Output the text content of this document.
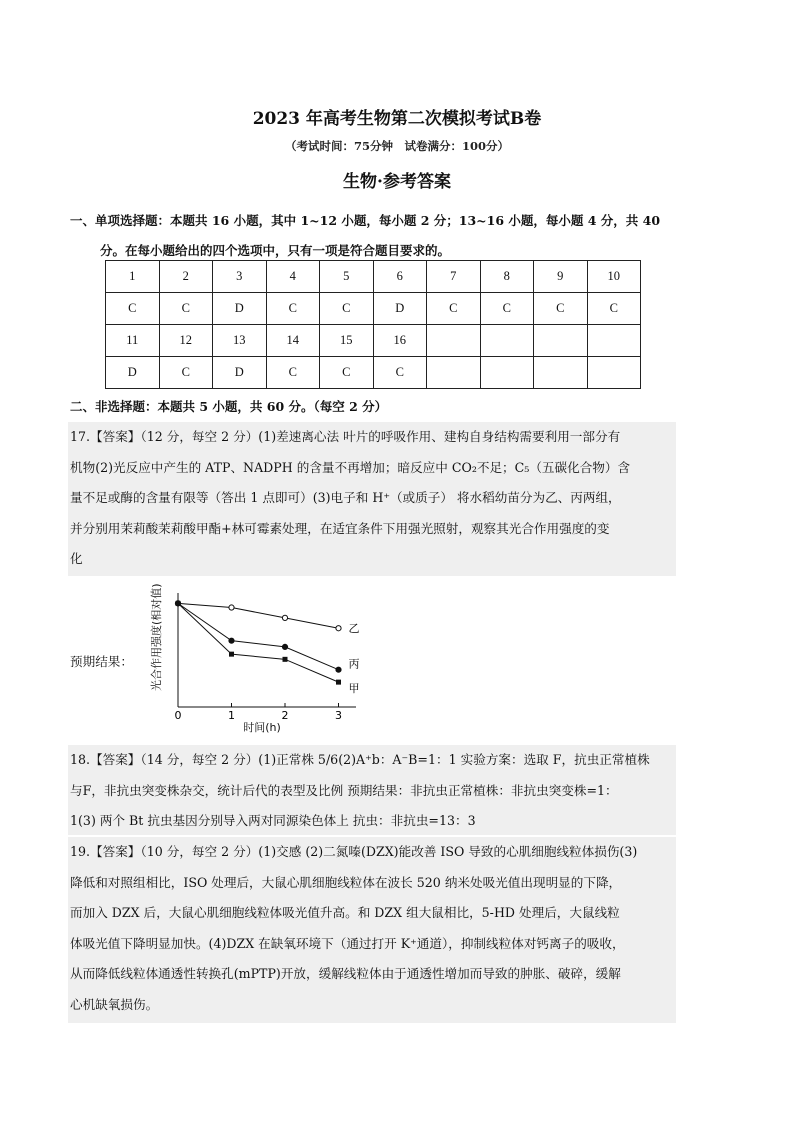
2023 年高考生物第二次模拟考试B卷
（考试时间：75分钟　试卷满分：100分）
生物·参考答案
一、单项选择题：本题共 16 小题，其中 1~12 小题，每小题 2 分；13~16 小题，每小题 4 分，共 40
分。在每小题给出的四个选项中，只有一项是符合题目要求的。
1	2	3	4	5	6	7	8	9	10
C	C	D	C	C	D	C	C	C	C
11	12	13	14	15	16				
D	C	D	C	C	C				
二、非选择题：本题共 5 小题，共 60 分。（每空 2 分）
17.【答案】（12 分，每空 2 分）(1)差速离心法 叶片的呼吸作用、建构自身结构需要利用一部分有
机物(2)光反应中产生的 ATP、NADPH 的含量不再增加；暗反应中 CO₂不足；C₅（五碳化合物）含
量不足或酶的含量有限等（答出 1 点即可）(3)电子和 H⁺（或质子） 将水稻幼苗分为乙、丙两组，
并分别用茉莉酸茉莉酸甲酯+林可霉素处理，在适宜条件下用强光照射，观察其光合作用强度的变
化
预期结果： 光合作用强度(相对值)
时间(h)
0	1	2	3
乙
丙
甲
18.【答案】（14 分，每空 2 分）(1)正常株 5/6(2)A⁺b：A⁻B=1：1 实验方案：选取 F，抗虫正常植株
与F，非抗虫突变株杂交，统计后代的表型及比例 预期结果：非抗虫正常植株：非抗虫突变株=1：
1(3) 两个 Bt 抗虫基因分别导入两对同源染色体上 抗虫：非抗虫=13：3
19.【答案】（10 分，每空 2 分）(1)交感 (2)二氮嗪(DZX)能改善 ISO 导致的心肌细胞线粒体损伤(3)
降低和对照组相比，ISO 处理后，大鼠心肌细胞线粒体在波长 520 纳米处吸光值出现明显的下降，
而加入 DZX 后，大鼠心肌细胞线粒体吸光值升高。和 DZX 组大鼠相比，5-HD 处理后，大鼠线粒
体吸光值下降明显加快。(4)DZX 在缺氧环境下（通过打开 K⁺通道），抑制线粒体对钙离子的吸收，
从而降低线粒体通透性转换孔(mPTP)开放，缓解线粒体由于通透性增加而导致的肿胀、破碎，缓解
心机缺氧损伤。
